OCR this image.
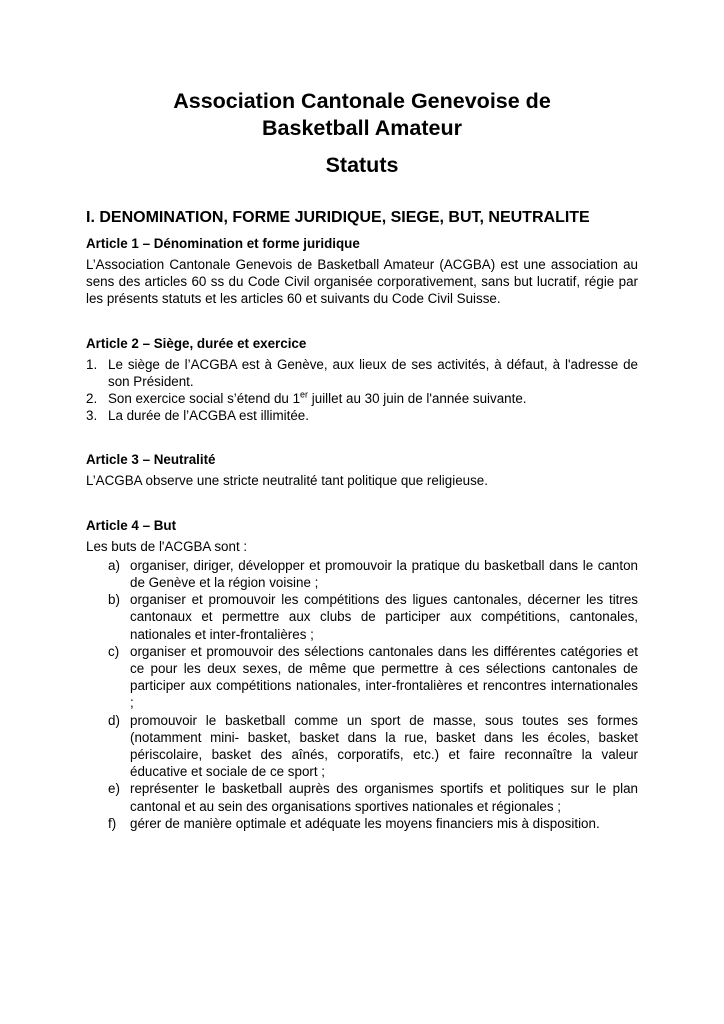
Association Cantonale Genevoise de
Basketball Amateur
Statuts
I. DENOMINATION, FORME JURIDIQUE, SIEGE, BUT, NEUTRALITE
Article 1 – Dénomination et forme juridique

L’Association Cantonale Genevois de Basketball Amateur (ACGBA) est une association au sens des articles 60 ss du Code Civil organisée corporativement, sans but lucratif, régie par les présents statuts et les articles 60 et suivants du Code Civil Suisse.

Article 2 – Siège, durée et exercice
1. Le siège de l’ACGBA est à Genève, aux lieux de ses activités, à défaut, à l'adresse de son Président.
2. Son exercice social s’étend du 1er juillet au 30 juin de l'année suivante.
3. La durée de l’ACGBA est illimitée.
Article 3 – Neutralité

L’ACGBA observe une stricte neutralité tant politique que religieuse.

Article 4 – But

Les buts de l'ACGBA sont :

a) organiser, diriger, développer et promouvoir la pratique du basketball dans le canton de Genève et la région voisine ;
b) organiser et promouvoir les compétitions des ligues cantonales, décerner les titres cantonaux et permettre aux clubs de participer aux compétitions, cantonales, nationales et inter-frontalières ;
c) organiser et promouvoir des sélections cantonales dans les différentes catégories et ce pour les deux sexes, de même que permettre à ces sélections cantonales de participer aux compétitions nationales, inter-frontalières et rencontres internationales ;
d) promouvoir le basketball comme un sport de masse, sous toutes ses formes (notamment mini- basket, basket dans la rue, basket dans les écoles, basket périscolaire, basket des aînés, corporatifs, etc.) et faire reconnaître la valeur éducative et sociale de ce sport ;
e) représenter le basketball auprès des organismes sportifs et politiques sur le plan cantonal et au sein des organisations sportives nationales et régionales ;
f) gérer de manière optimale et adéquate les moyens financiers mis à disposition.
